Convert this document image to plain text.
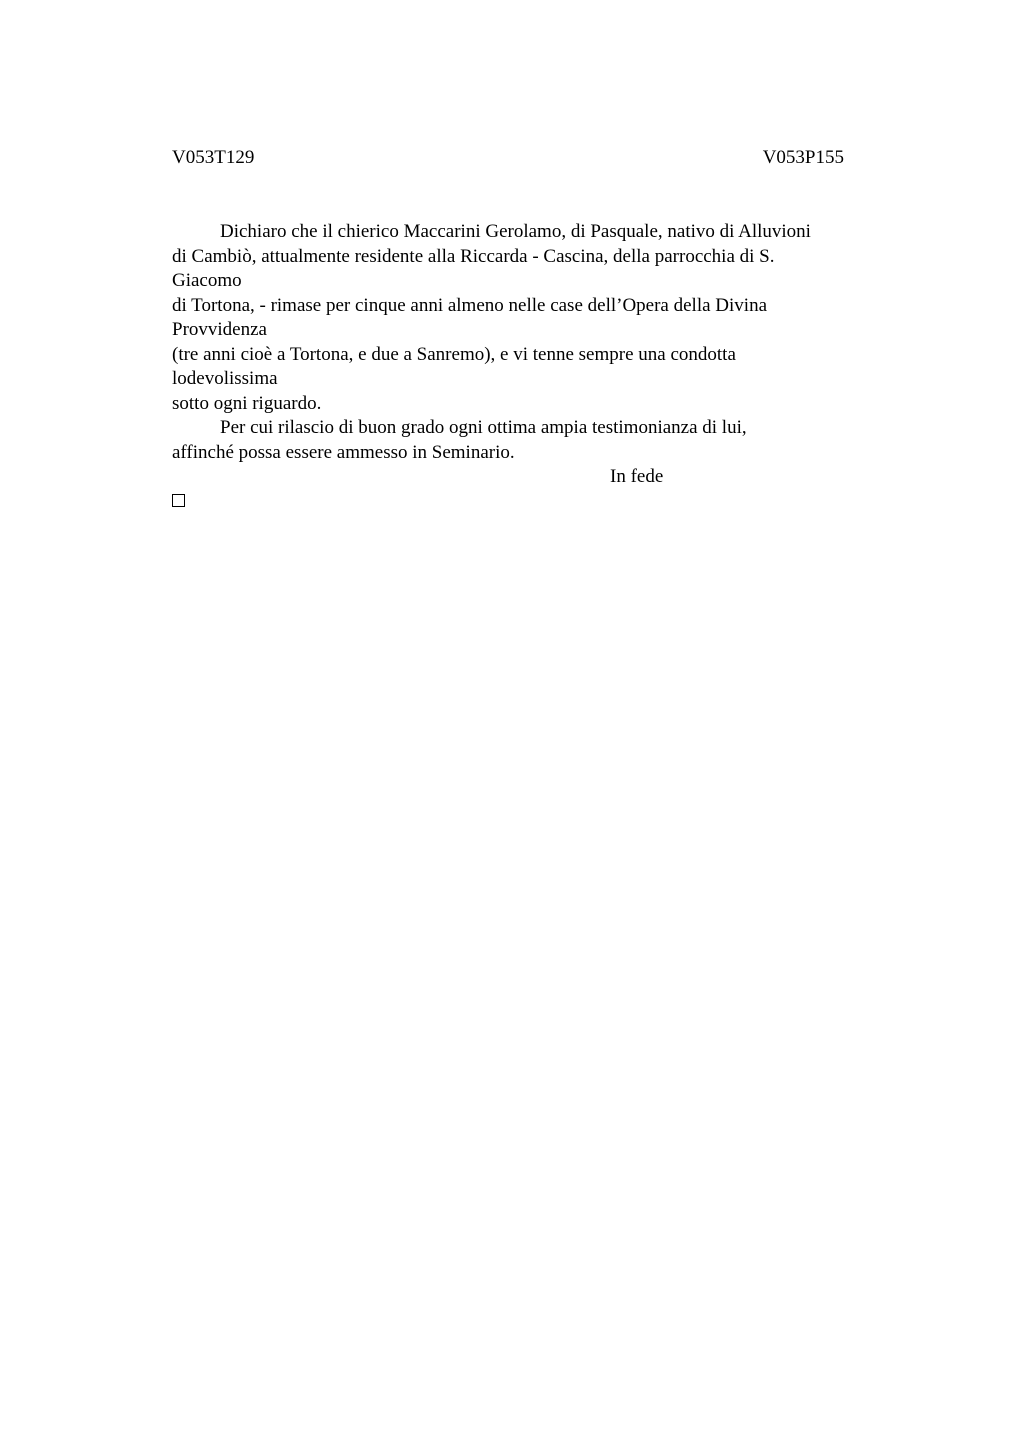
V053T129	V053P155
Dichiaro che il chierico Maccarini Gerolamo, di Pasquale, nativo di Alluvioni
di Cambiò, attualmente residente alla Riccarda - Cascina, della parrocchia di S.
Giacomo
di Tortona, - rimase per cinque anni almeno nelle case dell’Opera della Divina
Provvidenza
(tre anni cioè a Tortona, e due a Sanremo), e vi tenne sempre una condotta
lodevolissima
sotto ogni riguardo.
Per cui rilascio di buon grado ogni ottima ampia testimonianza di lui,
affinché possa essere ammesso in Seminario.
In fede
